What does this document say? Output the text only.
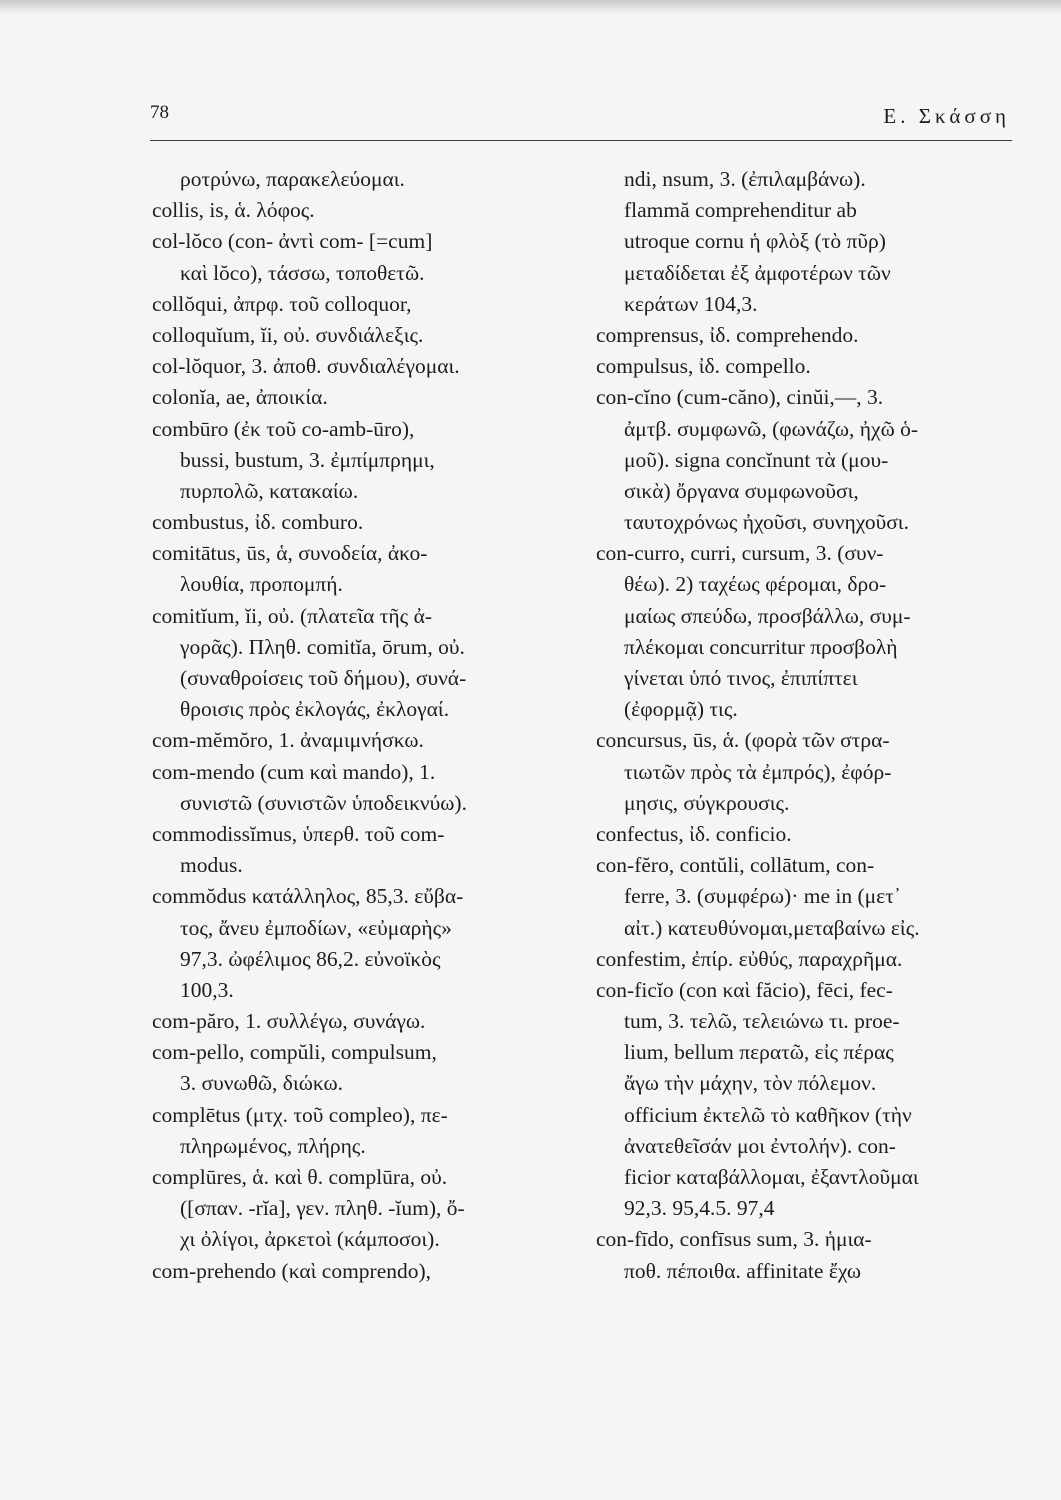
78	Ε. Σκάσση
ροτρύνω, παρακελεύομαι.
collis, is, ἁ. λόφος.
col-lŏco (con- ἀντὶ com- [=cum]
καὶ lŏco), τάσσω, τοποθετῶ.
collŏqui, ἀπρφ. τοῦ colloquor,
colloquĭum, ĭi, οὐ. συνδιάλεξις.
col-lŏquor, 3. ἀποθ. συνδιαλέγομαι.
colonĭa, ae, ἀποικία.
combūro (ἐκ τοῦ co-amb-ūro),
bussi, bustum, 3. ἐμπίμπρημι,
πυρπολῶ, κατακαίω.
combustus, ἰδ. comburo.
comitātus, ūs, ἁ, συνοδεία, ἀκο-
λουθία, προπομπή.
comitĭum, ĭi, οὐ. (πλατεῖα τῆς ἀ-
γορᾶς). Πληθ. comitĭa, ōrum, οὐ.
(συναθροίσεις τοῦ δήμου), συνά-
θροισις πρὸς ἐκλογάς, ἐκλογαί.
com-mĕmŏro, 1. ἀναμιμνήσκω.
com-mendo (cum καὶ mando), 1.
συνιστῶ (συνιστῶν ὑποδεικνύω).
commodissĭmus, ὑπερθ. τοῦ com-
modus.
commŏdus κατάλληλος, 85,3. εὔβα-
τος, ἄνευ ἐμποδίων, «εὐμαρὴς»
97,3. ὠφέλιμος 86,2. εὐνοϊκὸς
100,3.
com-păro, 1. συλλέγω, συνάγω.
com-pello, compŭli, compulsum,
3. συνωθῶ, διώκω.
complētus (μτχ. τοῦ compleo), πε-
πληρωμένος, πλήρης.
complūres, ἁ. καὶ θ. complūra, οὐ.
([σπαν. -rĭa], γεν. πληθ. -ĭum), ὄ-
χι ὀλίγοι, ἀρκετοὶ (κάμποσοι).
com-prehendo (καὶ comprendo),
ndi, nsum, 3. (ἐπιλαμβάνω).
flammă comprehenditur ab
utroque cornu ἡ φλὸξ (τὸ πῦρ)
μεταδίδεται ἐξ ἀμφοτέρων τῶν
κεράτων 104,3.
comprensus, ἰδ. comprehendo.
compulsus, ἰδ. compello.
con-cĭno (cum-căno), cinŭi,—, 3.
ἀμτβ. συμφωνῶ, (φωνάζω, ἠχῶ ὁ-
μοῦ). signa concĭnunt τὰ (μου-
σικὰ) ὄργανα συμφωνοῦσι,
ταυτοχρόνως ἠχοῦσι, συνηχοῦσι.
con-curro, curri, cursum, 3. (συν-
θέω). 2) ταχέως φέρομαι, δρο-
μαίως σπεύδω, προσβάλλω, συμ-
πλέκομαι concurritur προσβολὴ
γίνεται ὑπό τινος, ἐπιπίπτει
(ἐφορμᾷ) τις.
concursus, ūs, ἁ. (φορὰ τῶν στρα-
τιωτῶν πρὸς τὰ ἐμπρός), ἐφόρ-
μησις, σύγκρουσις.
confectus, ἰδ. conficio.
con-fĕro, contŭli, collātum, con-
ferre, 3. (συμφέρω)· me in (μετ᾿
αἰτ.) κατευθύνομαι,μεταβαίνω εἰς.
confestim, ἐπίρ. εὐθύς, παραχρῆμα.
con-ficĭo (con καὶ făcio), fēci, fec-
tum, 3. τελῶ, τελειώνω τι. proe-
lium, bellum περατῶ, εἰς πέρας
ἄγω τὴν μάχην, τὸν πόλεμον.
officium ἐκτελῶ τὸ καθῆκον (τὴν
ἀνατεθεῖσάν μοι ἐντολήν). con-
ficior καταβάλλομαι, ἐξαντλοῦμαι
92,3. 95,4.5. 97,4
con-fīdo, confīsus sum, 3. ἡμια-
ποθ. πέποιθα. affinitate ἔχω
